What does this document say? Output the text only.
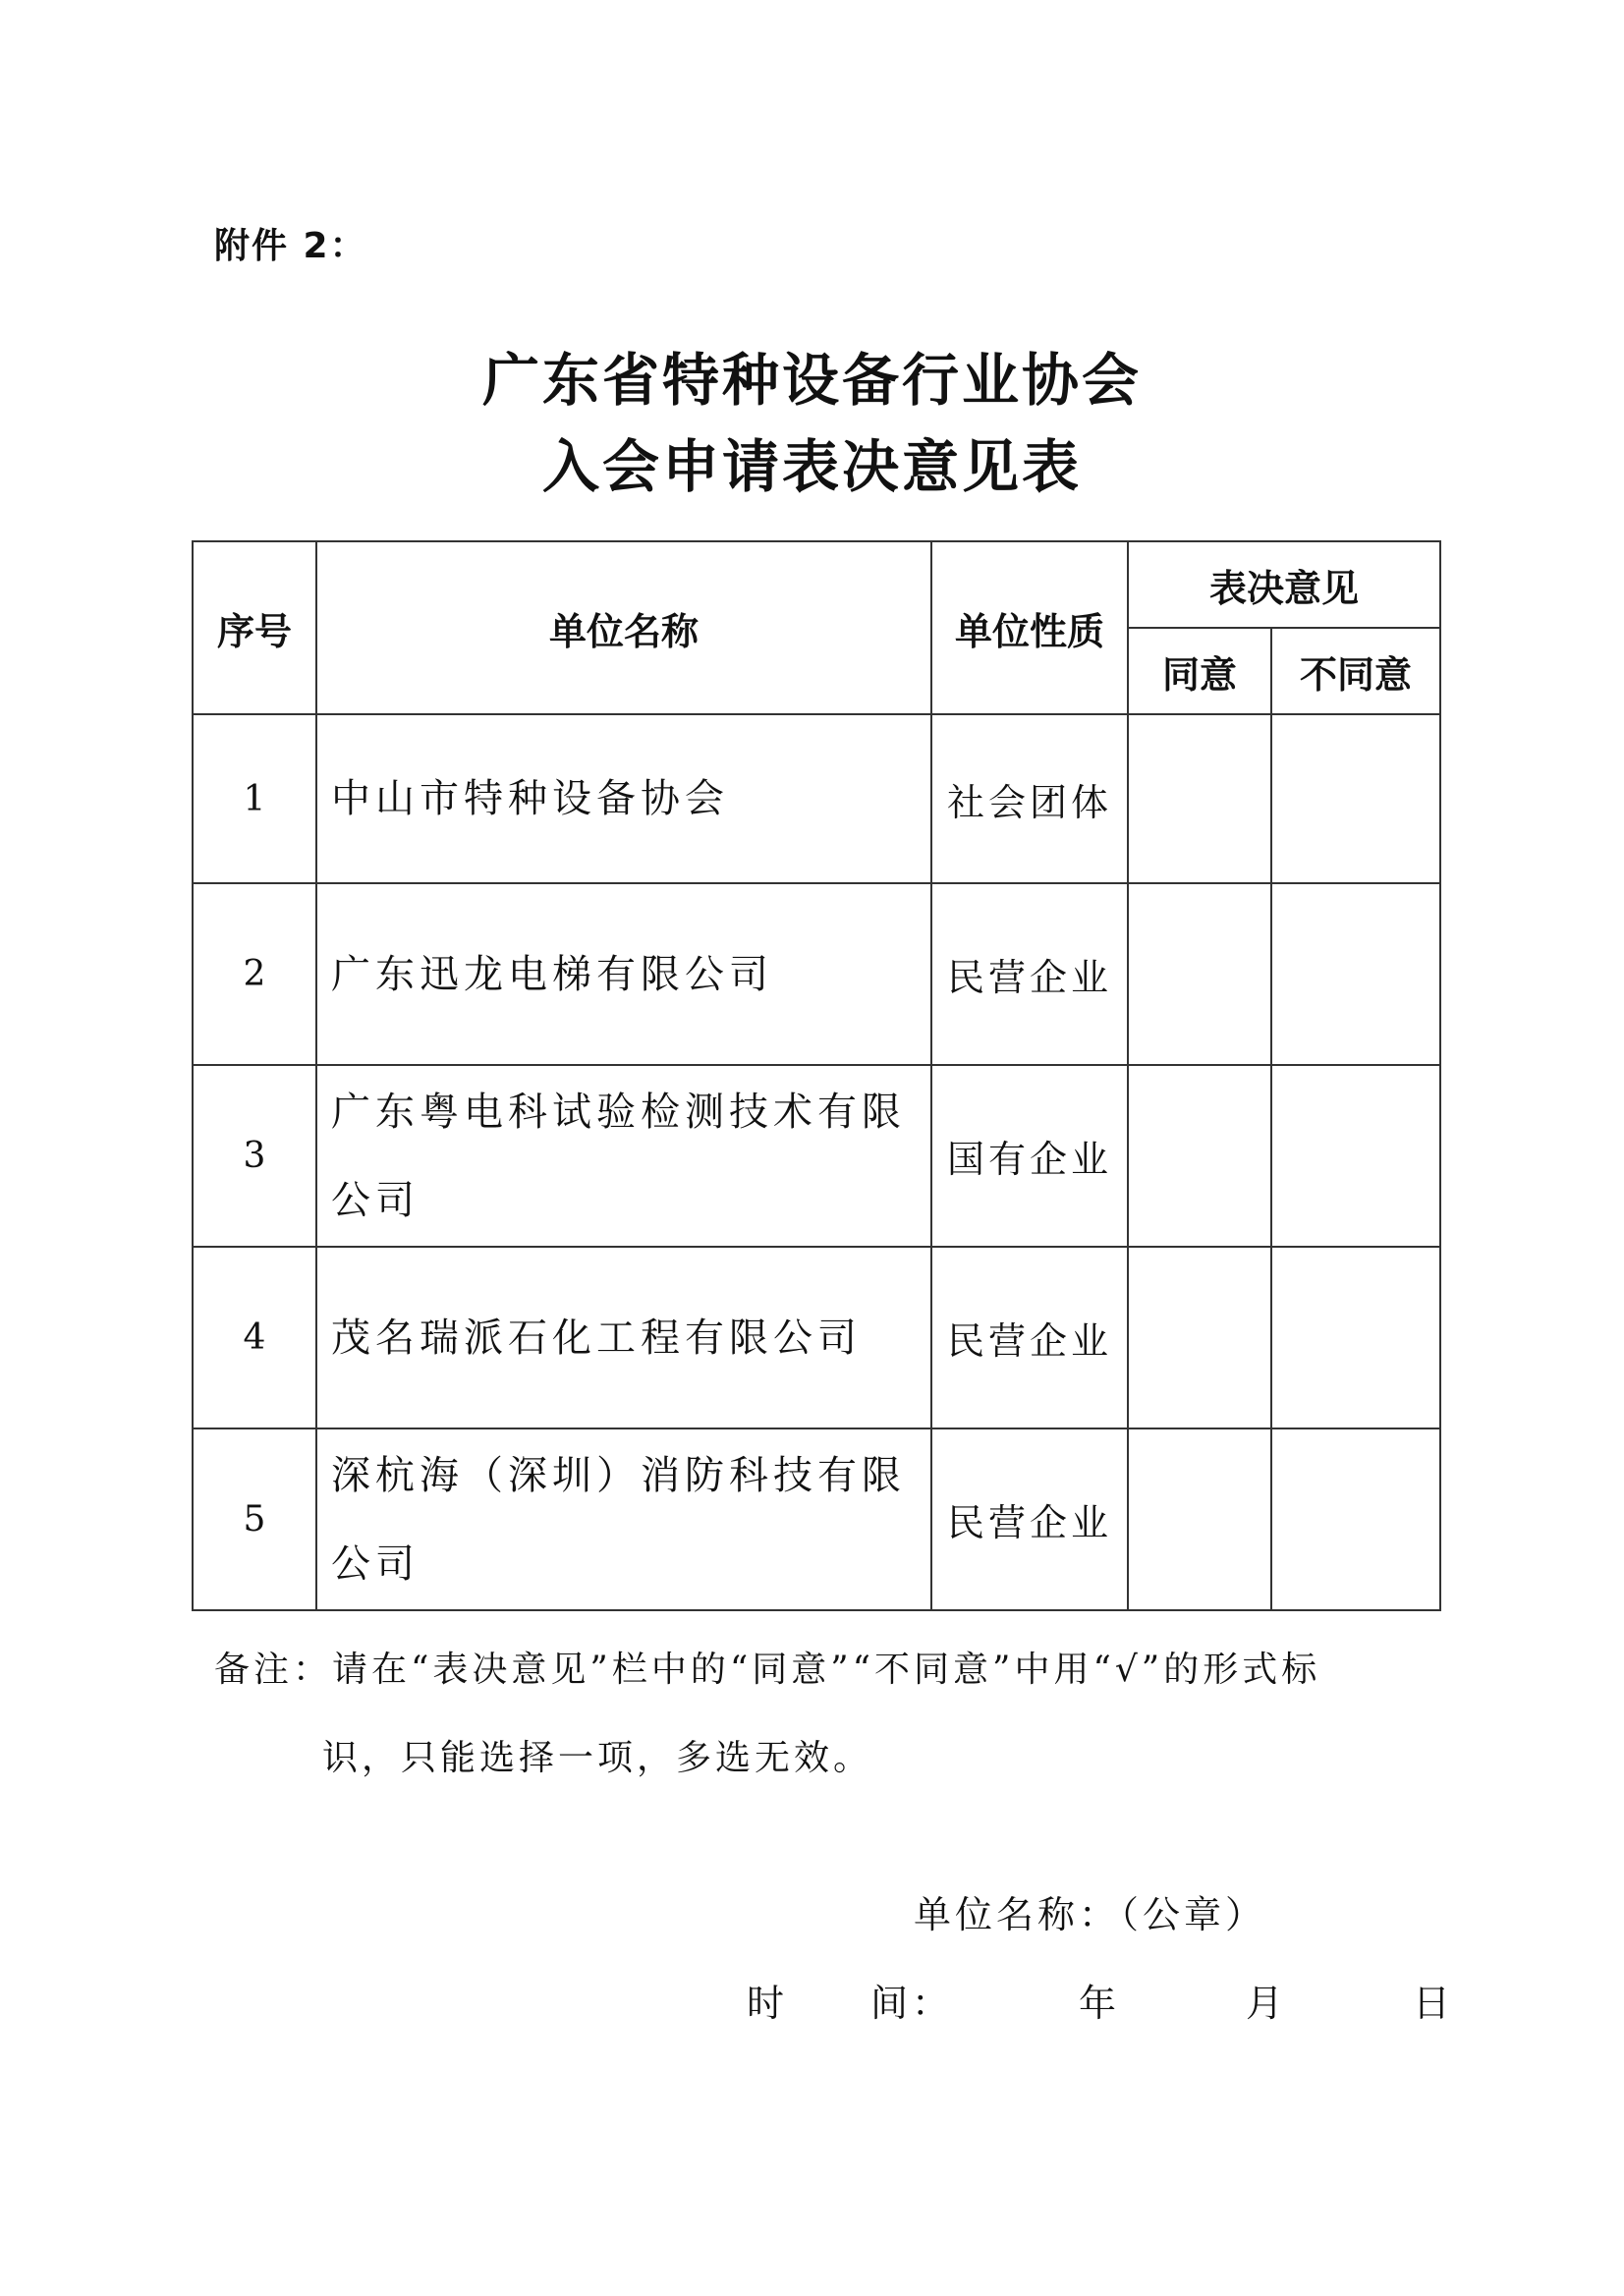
附件 2：
广东省特种设备行业协会
入会申请表决意见表
序号	单位名称	单位性质	表决意见	
			同意	不同意
1	中山市特种设备协会	社会团体		
2	广东迅龙电梯有限公司	民营企业		
3	广东粤电科试验检测技术有限公司	国有企业		
4	茂名瑞派石化工程有限公司	民营企业		
5	深杭海（深圳）消防科技有限公司	民营企业		
备注：请在“表决意见”栏中的“同意”“不同意”中用“√”的形式标
识，只能选择一项，多选无效。
单位名称：（公章）
时　　间：	年	月	日
